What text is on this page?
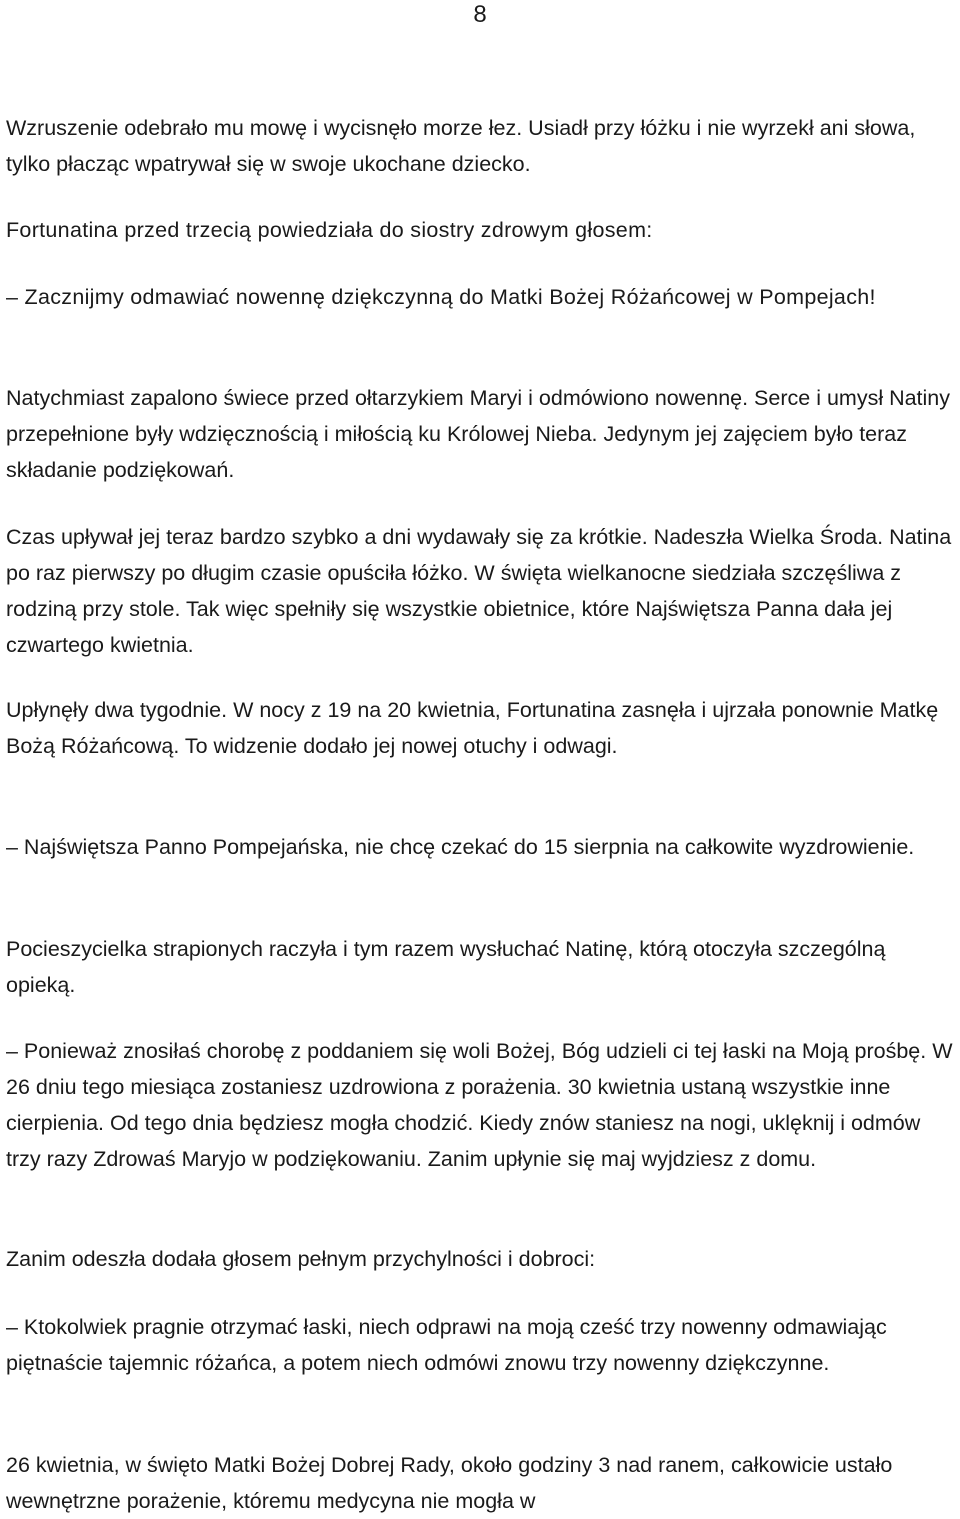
8

Wzruszenie odebrało mu mowę i wycisnęło morze łez. Usiadł przy łóżku i nie wyrzekł ani słowa, tylko płacząc wpatrywał się w swoje ukochane dziecko.

Fortunatina przed trzecią powiedziała do siostry zdrowym głosem:

– Zacznijmy odmawiać nowennę dziękczynną do Matki Bożej Różańcowej w Pompejach!

Natychmiast zapalono świece przed ołtarzykiem Maryi i odmówiono nowennę. Serce i umysł Natiny przepełnione były wdzięcznością i miłością ku Królowej Nieba. Jedynym jej zajęciem było teraz składanie podziękowań.

Czas upływał jej teraz bardzo szybko a dni wydawały się za krótkie. Nadeszła Wielka Środa. Natina po raz pierwszy po długim czasie opuściła łóżko. W święta wielkanocne siedziała szczęśliwa z rodziną przy stole. Tak więc spełniły się wszystkie obietnice, które Najświętsza Panna dała jej czwartego kwietnia.

Upłynęły dwa tygodnie. W nocy z 19 na 20 kwietnia, Fortunatina zasnęła i ujrzała ponownie Matkę Bożą Różańcową. To widzenie dodało jej nowej otuchy i odwagi.

– Najświętsza Panno Pompejańska, nie chcę czekać do 15 sierpnia na całkowite wyzdrowienie.

Pocieszycielka strapionych raczyła i tym razem wysłuchać Natinę, którą otoczyła szczególną opieką.

– Ponieważ znosiłaś chorobę z poddaniem się woli Bożej, Bóg udzieli ci tej łaski na Moją prośbę. W 26 dniu tego miesiąca zostaniesz uzdrowiona z porażenia. 30 kwietnia ustaną wszystkie inne cierpienia. Od tego dnia będziesz mogła chodzić. Kiedy znów staniesz na nogi, uklęknij i odmów trzy razy Zdrowaś Maryjo w podziękowaniu. Zanim upłynie się maj wyjdziesz z domu.

Zanim odeszła dodała głosem pełnym przychylności i dobroci:

– Ktokolwiek pragnie otrzymać łaski, niech odprawi na moją cześć trzy nowenny odmawiając piętnaście tajemnic różańca, a potem niech odmówi znowu trzy nowenny dziękczynne.

26 kwietnia, w święto Matki Bożej Dobrej Rady, około godziny 3 nad ranem, całkowicie ustało wewnętrzne porażenie, któremu medycyna nie mogła w
